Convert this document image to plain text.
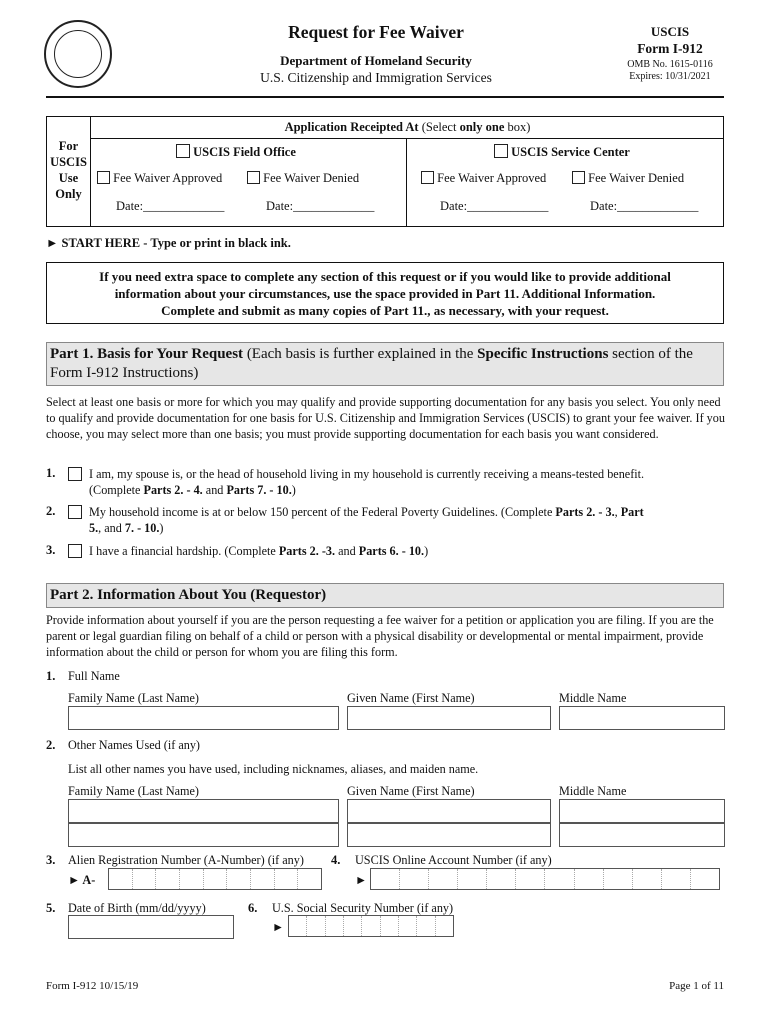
Request for Fee Waiver
Department of Homeland Security
U.S. Citizenship and Immigration Services
USCIS
Form I-912
OMB No. 1615-0116
Expires: 10/31/2021
For
USCIS
Use
Only
Application Receipted At (Select only one box)
USCIS Field Office
Fee Waiver Approved	Fee Waiver Denied
Date:_____________	Date:_____________
USCIS Service Center
Fee Waiver Approved	Fee Waiver Denied
Date:_____________	Date:_____________
► START HERE - Type or print in black ink.
If you need extra space to complete any section of this request or if you would like to provide additional
information about your circumstances, use the space provided in Part 11. Additional Information.
Complete and submit as many copies of Part 11., as necessary, with your request.
Part 1. Basis for Your Request (Each basis is further explained in the Specific Instructions section of the
Form I-912 Instructions)
Select at least one basis or more for which you may qualify and provide supporting documentation for any basis you select. You only need to qualify and provide documentation for one basis for U.S. Citizenship and Immigration Services (USCIS) to grant your fee waiver. If you choose, you may select more than one basis; you must provide supporting documentation for each basis you want considered.
1.	I am, my spouse is, or the head of household living in my household is currently receiving a means-tested benefit.
(Complete Parts 2. - 4. and Parts 7. - 10.)
2.	My household income is at or below 150 percent of the Federal Poverty Guidelines. (Complete Parts 2. - 3., Part
5., and 7. - 10.)
3.	I have a financial hardship. (Complete Parts 2. -3. and Parts 6. - 10.)
Part 2. Information About You (Requestor)
Provide information about yourself if you are the person requesting a fee waiver for a petition or application you are filing. If you are the parent or legal guardian filing on behalf of a child or person with a physical disability or developmental or mental impairment, provide information about the child or person for whom you are filing this form.
1. Full Name
Family Name (Last Name)	Given Name (First Name)	Middle Name
2. Other Names Used (if any)
List all other names you have used, including nicknames, aliases, and maiden name.
Family Name (Last Name)	Given Name (First Name)	Middle Name
3. Alien Registration Number (A-Number) (if any)
► A-
4. USCIS Online Account Number (if any)
►
5. Date of Birth (mm/dd/yyyy)	6. U.S. Social Security Number (if any)
►
Form I-912 10/15/19	Page 1 of 11
